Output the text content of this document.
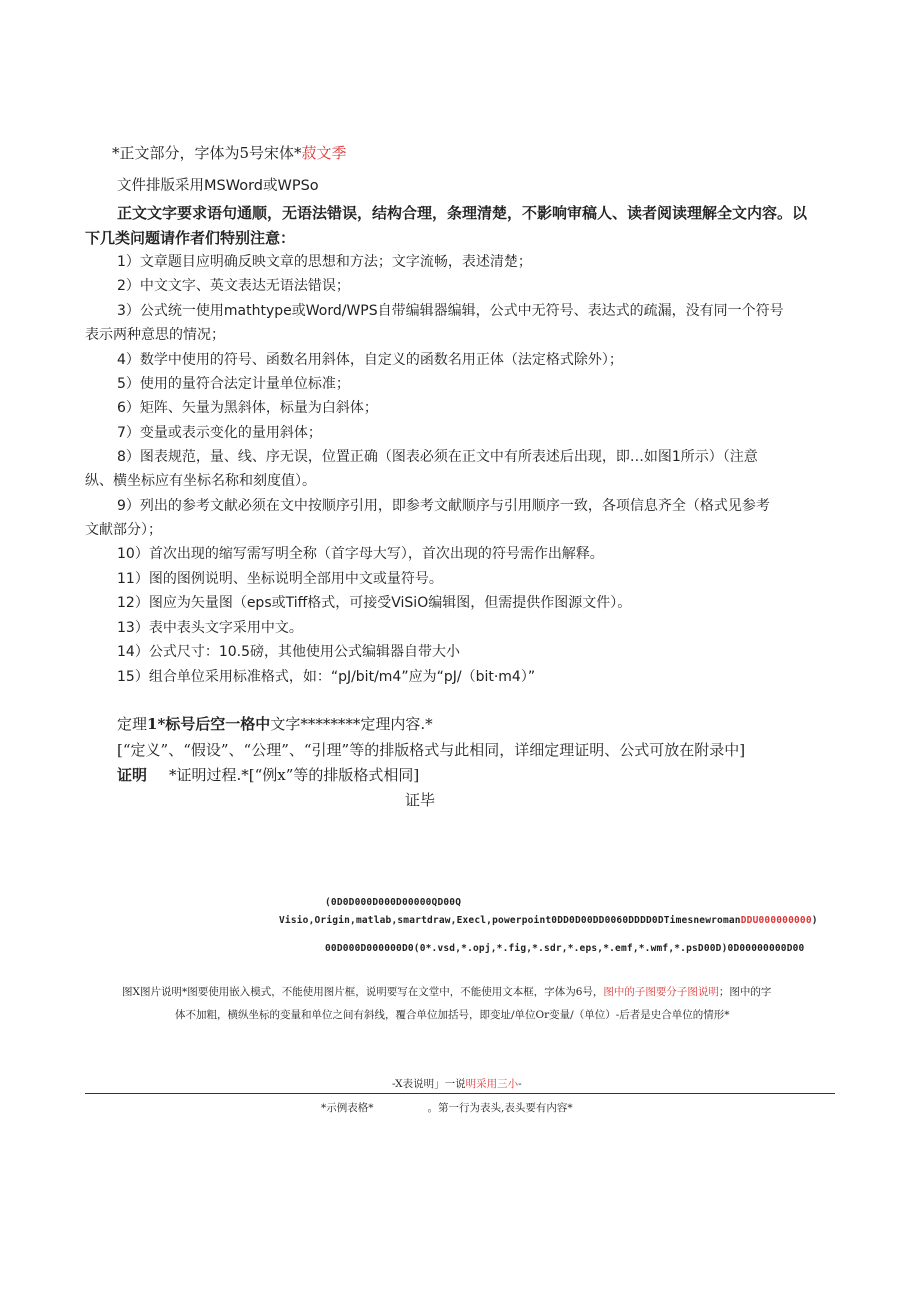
*正文部分，字体为5号宋体*菽文季
文件排版采用MSWord或WPSo
正文文字要求语句通顺，无语法错误，结构合理，条理清楚，不影响审稿人、读者阅读理解全文内容。以
下几类问题请作者们特别注意：
1）文章题目应明确反映文章的思想和方法；文字流畅，表述清楚；
2）中文文字、英文表达无语法错误；
3）公式统一使用mathtype或Word/WPS自带编辑器编辑，公式中无符号、表达式的疏漏，没有同一个符号
表示两种意思的情况；
4）数学中使用的符号、函数名用斜体，自定义的函数名用正体（法定格式除外）；
5）使用的量符合法定计量单位标准；
6）矩阵、矢量为黑斜体，标量为白斜体；
7）变量或表示变化的量用斜体；
8）图表规范，量、线、序无误，位置正确（图表必须在正文中有所表述后出现，即…如图1所示）（注意
纵、横坐标应有坐标名称和刻度值）。
9）列出的参考文献必须在文中按顺序引用，即参考文献顺序与引用顺序一致，各项信息齐全（格式见参考
文献部分）；
10）首次出现的缩写需写明全称（首字母大写），首次出现的符号需作出解释。
11）图的图例说明、坐标说明全部用中文或量符号。
12）图应为矢量图（eps或Tiff格式，可接受ViSiO编辑图，但需提供作图源文件）。
13）表中表头文字采用中文。
14）公式尺寸：10.5磅，其他使用公式编辑器自带大小
15）组合单位采用标准格式，如：“pJ/bit/m4”应为“pJ/（bit·m4）”
定理1*标号后空一格中文字********定理内容.*
[“定义”、“假设”、“公理”、“引理”等的排版格式与此相同，详细定理证明、公式可放在附录中]
证明 *证明过程.*[“例x”等的排版格式相同]
证毕
(0D0D000D000D00000QD00Q
Visio,Origin,matlab,smartdraw,Execl,powerpoint0DD0D00DD0060DDDD0DTimesnewromanDDU000000000)
00D000D000000D0(0*.vsd,*.opj,*.fig,*.sdr,*.eps,*.emf,*.wmf,*.psD00D)0D00000000D00
图X图片说明*图要使用嵌入模式，不能使用图片框，说明要写在文堂中，不能使用文本框，字体为6号，图中的子图要分子图说明；图中的字
体不加粗，横纵坐标的变量和单位之间有斜线，覆合单位加括号，即变址/单位Or变量/（单位）-后者是史合单位的情形*
-X表说明」一说明采用三小-
*示例表格*	。第一行为表头,表头要有内容*
